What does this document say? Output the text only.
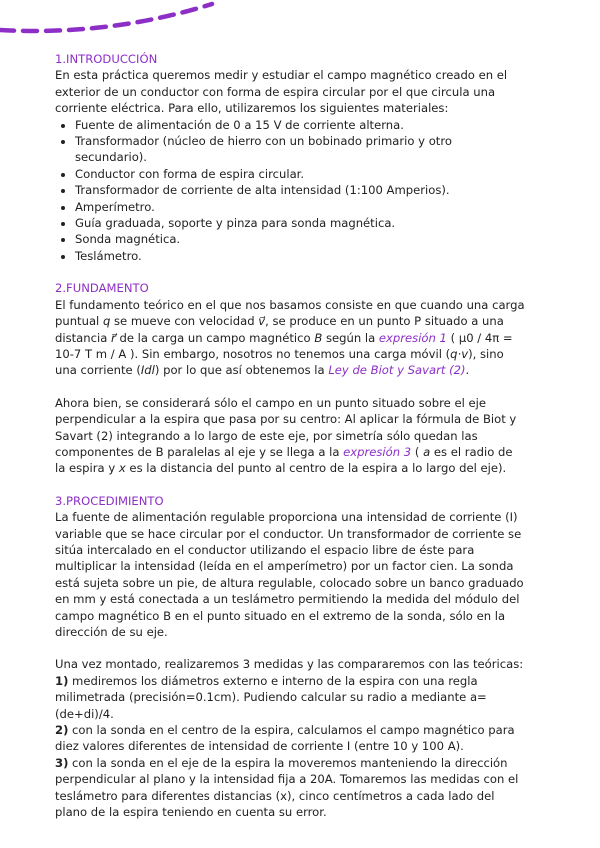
1.INTRODUCCIÓN

En esta práctica queremos medir y estudiar el campo magnético creado en el exterior de un conductor con forma de espira circular por el que circula una corriente eléctrica. Para ello, utilizaremos los siguientes materiales:

• Fuente de alimentación de 0 a 15 V de corriente alterna.
• Transformador (núcleo de hierro con un bobinado primario y otro secundario).
• Conductor con forma de espira circular.
• Transformador de corriente de alta intensidad (1:100 Amperios).
• Amperímetro.
• Guía graduada, soporte y pinza para sonda magnética.
• Sonda magnética.
• Teslámetro.
2.FUNDAMENTO

El fundamento teórico en el que nos basamos consiste en que cuando una carga puntual q se mueve con velocidad v⃗, se produce en un punto P situado a una distancia r⃗ de la carga un campo magnético B según la expresión 1 ( μ0 / 4π = 10-7 T m / A ). Sin embargo, nosotros no tenemos una carga móvil (q·v), sino una corriente (Idl) por lo que así obtenemos la Ley de Biot y Savart (2).

Ahora bien, se considerará sólo el campo en un punto situado sobre el eje perpendicular a la espira que pasa por su centro: Al aplicar la fórmula de Biot y Savart (2) integrando a lo largo de este eje, por simetría sólo quedan las componentes de B paralelas al eje y se llega a la expresión 3 ( a es el radio de la espira y x es la distancia del punto al centro de la espira a lo largo del eje).

3.PROCEDIMIENTO

La fuente de alimentación regulable proporciona una intensidad de corriente (I) variable que se hace circular por el conductor. Un transformador de corriente se sitúa intercalado en el conductor utilizando el espacio libre de éste para multiplicar la intensidad (leída en el amperímetro) por un factor cien. La sonda está sujeta sobre un pie, de altura regulable, colocado sobre un banco graduado en mm y está conectada a un teslámetro permitiendo la medida del módulo del campo magnético B en el punto situado en el extremo de la sonda, sólo en la dirección de su eje.

Una vez montado, realizaremos 3 medidas y las compararemos con las teóricas:

1) mediremos los diámetros externo e interno de la espira con una regla milimetrada (precisión=0.1cm). Pudiendo calcular su radio a mediante a=(de+di)/4.

2) con la sonda en el centro de la espira, calculamos el campo magnético para diez valores diferentes de intensidad de corriente I (entre 10 y 100 A).

3) con la sonda en el eje de la espira la moveremos manteniendo la dirección perpendicular al plano y la intensidad fija a 20A. Tomaremos las medidas con el teslámetro para diferentes distancias (x), cinco centímetros a cada lado del plano de la espira teniendo en cuenta su error.
